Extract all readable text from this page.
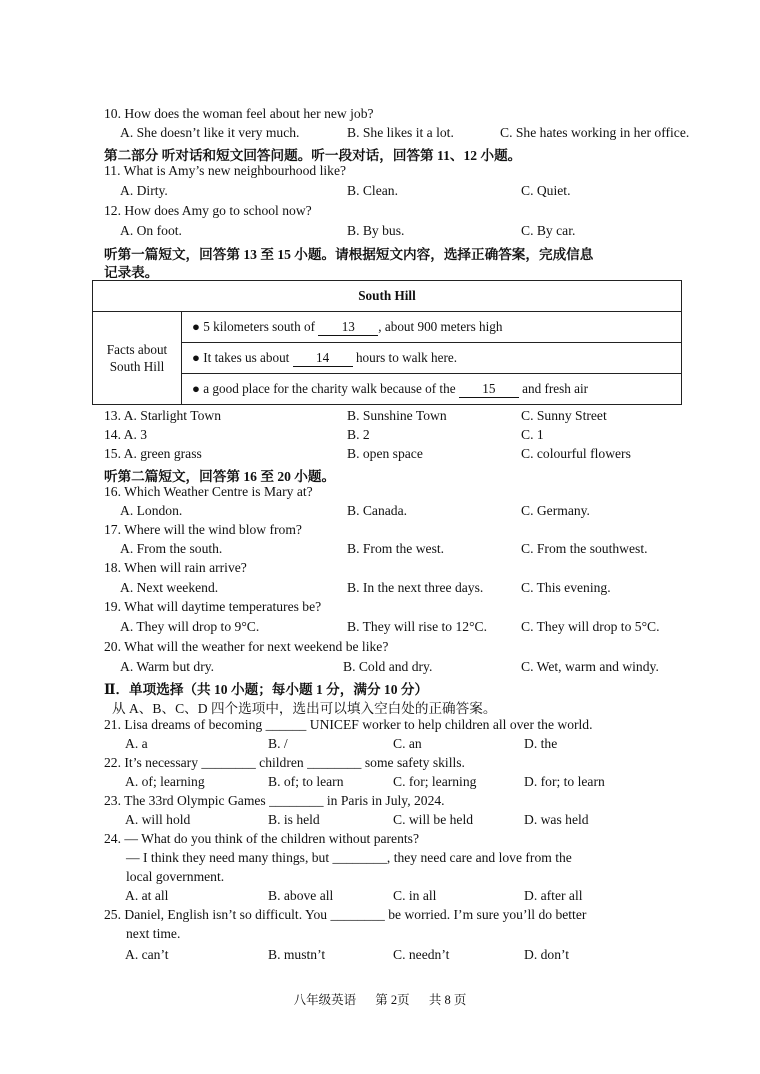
10. How does the woman feel about her new job?
A. She doesn’t like it very much.	B. She likes it a lot.	C. She hates working in her office.
第二部分 听对话和短文回答问题。听一段对话，回答第 11、12 小题。
11. What is Amy’s new neighbourhood like?
A. Dirty.	B. Clean.	C. Quiet.
12. How does Amy go to school now?
A. On foot.	B. By bus.	C. By car.
听第一篇短文，回答第 13 至 15 小题。请根据短文内容，选择正确答案，完成信息
记录表。
South Hill
Facts about
South Hill	● 5 kilometers south of 13 , about 900 meters high
● It takes us about 14 hours to walk here.
● a good place for the charity walk because of the 15 and fresh air
13. A. Starlight Town	B. Sunshine Town	C. Sunny Street
14. A. 3	B. 2	C. 1
15. A. green grass	B. open space	C. colourful flowers
听第二篇短文，回答第 16 至 20 小题。
16. Which Weather Centre is Mary at?
A. London.	B. Canada.	C. Germany.
17. Where will the wind blow from?
A. From the south.	B. From the west.	C. From the southwest.
18. When will rain arrive?
A. Next weekend.	B. In the next three days.	C. This evening.
19. What will daytime temperatures be?
A. They will drop to 9°C.	B. They will rise to 12°C.	C. They will drop to 5°C.
20. What will the weather for next weekend be like?
A. Warm but dry.	B. Cold and dry.	C. Wet, warm and windy.
Ⅱ．单项选择（共 10 小题；每小题 1 分，满分 10 分）
从 A、B、C、D 四个选项中，选出可以填入空白处的正确答案。
21. Lisa dreams of becoming ______ UNICEF worker to help children all over the world.
A. a	B. /	C. an	D. the
22. It’s necessary ________ children ________ some safety skills.
A. of; learning	B. of; to learn	C. for; learning	D. for; to learn
23. The 33rd Olympic Games ________ in Paris in July, 2024.
A. will hold	B. is held	C. will be held	D. was held
24. — What do you think of the children without parents?
— I think they need many things, but ________, they need care and love from the
local government.
A. at all	B. above all	C. in all	D. after all
25. Daniel, English isn’t so difficult. You ________ be worried. I’m sure you’ll do better
next time.
A. can’t	B. mustn’t	C. needn’t	D. don’t
八年级英语 第 2页 共 8 页
